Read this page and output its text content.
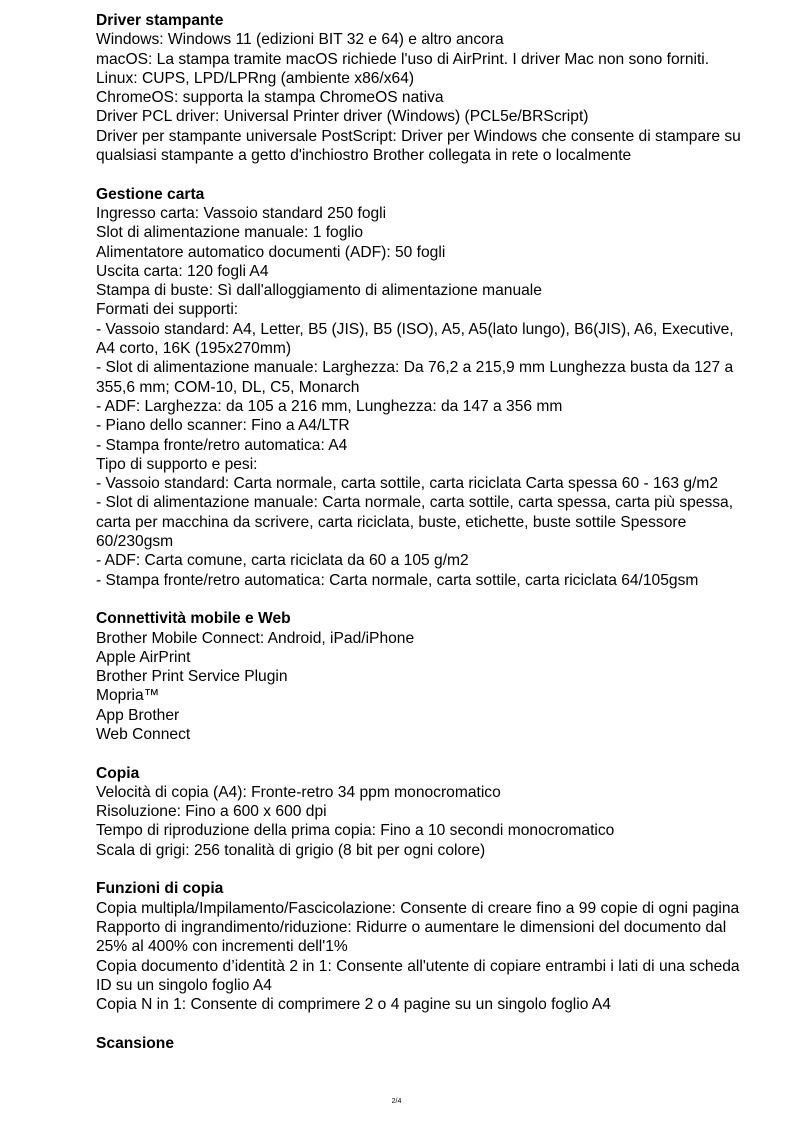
Driver stampante

Windows: Windows 11 (edizioni BIT 32 e 64) e altro ancora

macOS: La stampa tramite macOS richiede l'uso di AirPrint. I driver Mac non sono forniti.

Linux: CUPS, LPD/LPRng (ambiente x86/x64)

ChromeOS: supporta la stampa ChromeOS nativa

Driver PCL driver: Universal Printer driver (Windows) (PCL5e/BRScript)

Driver per stampante universale PostScript: Driver per Windows che consente di stampare su qualsiasi stampante a getto d'inchiostro Brother collegata in rete o localmente

Gestione carta

Ingresso carta: Vassoio standard 250 fogli

Slot di alimentazione manuale: 1 foglio

Alimentatore automatico documenti (ADF): 50 fogli

Uscita carta: 120 fogli A4

Stampa di buste: Sì dall'alloggiamento di alimentazione manuale

Formati dei supporti:

- Vassoio standard: A4, Letter, B5 (JIS), B5 (ISO), A5, A5(lato lungo), B6(JIS), A6, Executive, A4 corto, 16K (195x270mm)

- Slot di alimentazione manuale: Larghezza: Da 76,2 a 215,9 mm Lunghezza busta da 127 a 355,6 mm; COM-10, DL, C5, Monarch

- ADF: Larghezza: da 105 a 216 mm, Lunghezza: da 147 a 356 mm

- Piano dello scanner: Fino a A4/LTR

- Stampa fronte/retro automatica: A4

Tipo di supporto e pesi:

- Vassoio standard: Carta normale, carta sottile, carta riciclata Carta spessa 60 - 163 g/m2

- Slot di alimentazione manuale: Carta normale, carta sottile, carta spessa, carta più spessa, carta per macchina da scrivere, carta riciclata, buste, etichette, buste sottile Spessore 60/230gsm

- ADF: Carta comune, carta riciclata da 60 a 105 g/m2

- Stampa fronte/retro automatica: Carta normale, carta sottile, carta riciclata 64/105gsm

Connettività mobile e Web

Brother Mobile Connect: Android, iPad/iPhone

Apple AirPrint

Brother Print Service Plugin

Mopria™

App Brother

Web Connect

Copia

Velocità di copia (A4): Fronte-retro 34 ppm monocromatico

Risoluzione: Fino a 600 x 600 dpi

Tempo di riproduzione della prima copia: Fino a 10 secondi monocromatico

Scala di grigi: 256 tonalità di grigio (8 bit per ogni colore)

Funzioni di copia

Copia multipla/Impilamento/Fascicolazione: Consente di creare fino a 99 copie di ogni pagina

Rapporto di ingrandimento/riduzione: Ridurre o aumentare le dimensioni del documento dal 25% al 400% con incrementi dell'1%

Copia documento d’identità 2 in 1: Consente all'utente di copiare entrambi i lati di una scheda ID su un singolo foglio A4

Copia N in 1: Consente di comprimere 2 o 4 pagine su un singolo foglio A4

Scansione

2/4
